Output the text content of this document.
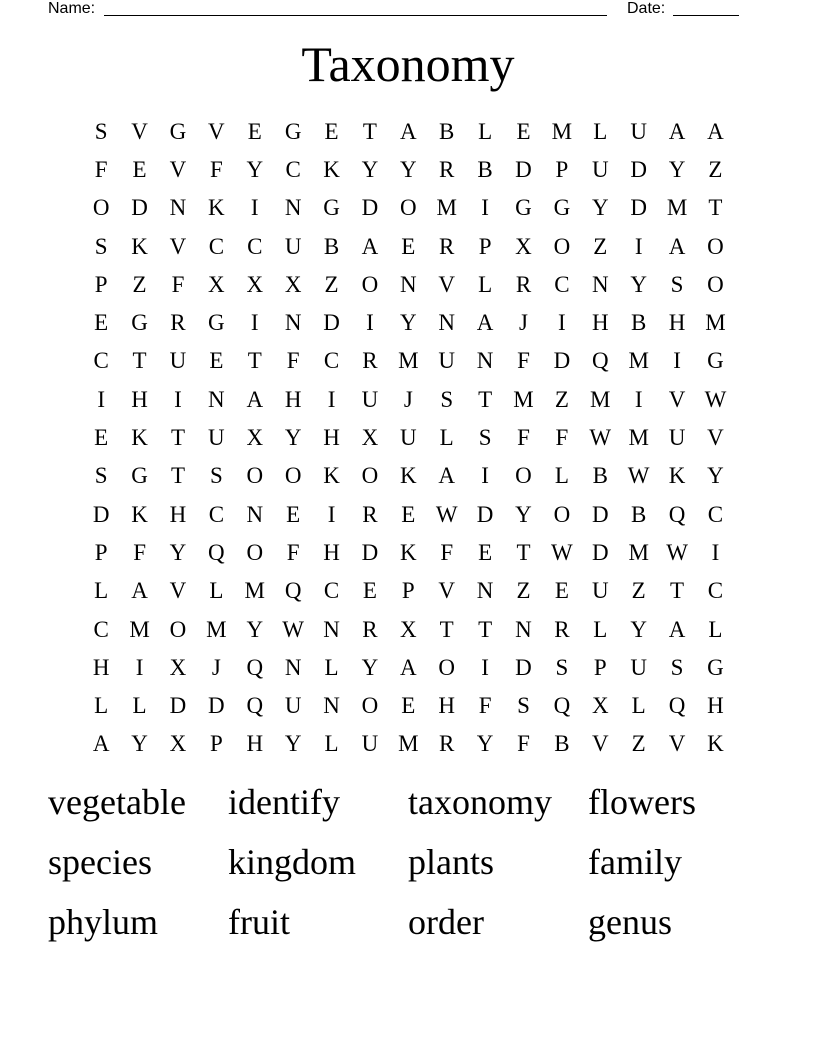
Name:	Date:
Taxonomy
S	V G V	E	G	E	T	A B	L	E M L	U A A
F	E	V	F	Y C K Y Y R	B D	P	U D Y	Z
O D N K	I	N G D O M	I	G G Y D M T
S	K V C	C U B A	E	R	P	X O	Z	I	A O
P	Z	F	X X X	Z	O N V	L	R	C N Y	S	O
E	G R G	I	N D	I	Y N A	J	I	H B H M
C	T	U	E	T	F	C	R M U N	F	D Q M	I	G
I	H	I	N A H	I	U	J	S	T M Z M	I	V W
E	K	T	U X Y H X U	L	S	F	F W M U V
S	G	T	S	O O K O K A	I	O	L	B W K Y
D K H C N	E	I	R	E W D Y O D B Q C
P	F	Y Q O	F	H D K	F	E	T W D M W	I
L	A V	L M Q C	E	P	V N	Z	E	U	Z	T	C
C M O M Y W N R X	T	T	N R	L	Y A	L
H	I	X	J	Q N	L	Y A O	I	D	S	P	U	S	G
L	L	D D Q U N O	E	H	F	S	Q X	L	Q H
A Y X	P	H Y	L	U M R Y	F	B V	Z	V K
vegetable	identify	taxonomy	flowers
species	kingdom	plants	family
phylum	fruit	order	genus
